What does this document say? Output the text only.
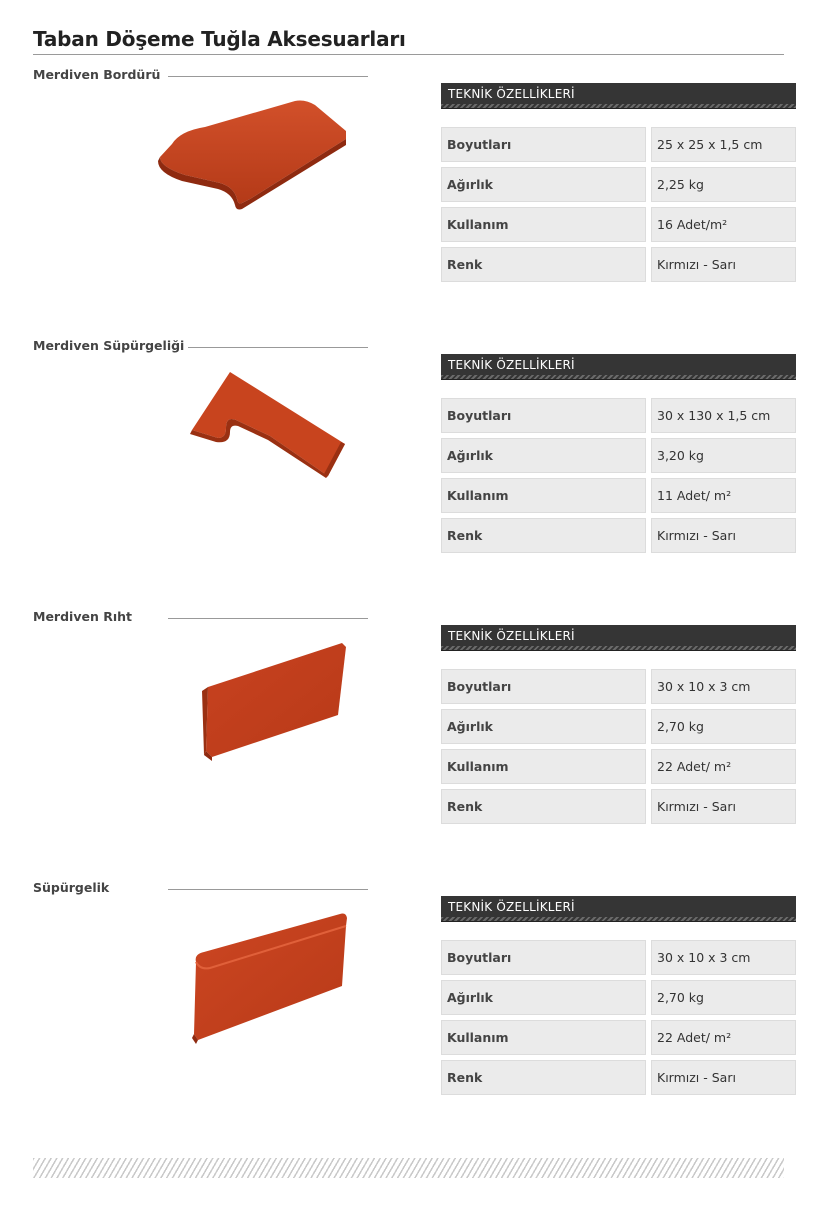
Taban Döşeme Tuğla Aksesuarları
Merdiven Bordürü
TEKNİK ÖZELLİKLERİ
Boyutları	25 x 25 x 1,5 cm
Ağırlık	2,25 kg
Kullanım	16 Adet/m²
Renk	Kırmızı - Sarı
Merdiven Süpürgeliği
TEKNİK ÖZELLİKLERİ
Boyutları	30 x 130 x 1,5 cm
Ağırlık	3,20 kg
Kullanım	11 Adet/ m²
Renk	Kırmızı - Sarı
Merdiven Rıht
TEKNİK ÖZELLİKLERİ
Boyutları	30 x 10 x 3 cm
Ağırlık	2,70 kg
Kullanım	22 Adet/ m²
Renk	Kırmızı - Sarı
Süpürgelik
TEKNİK ÖZELLİKLERİ
Boyutları	30 x 10 x 3 cm
Ağırlık	2,70 kg
Kullanım	22 Adet/ m²
Renk	Kırmızı - Sarı
